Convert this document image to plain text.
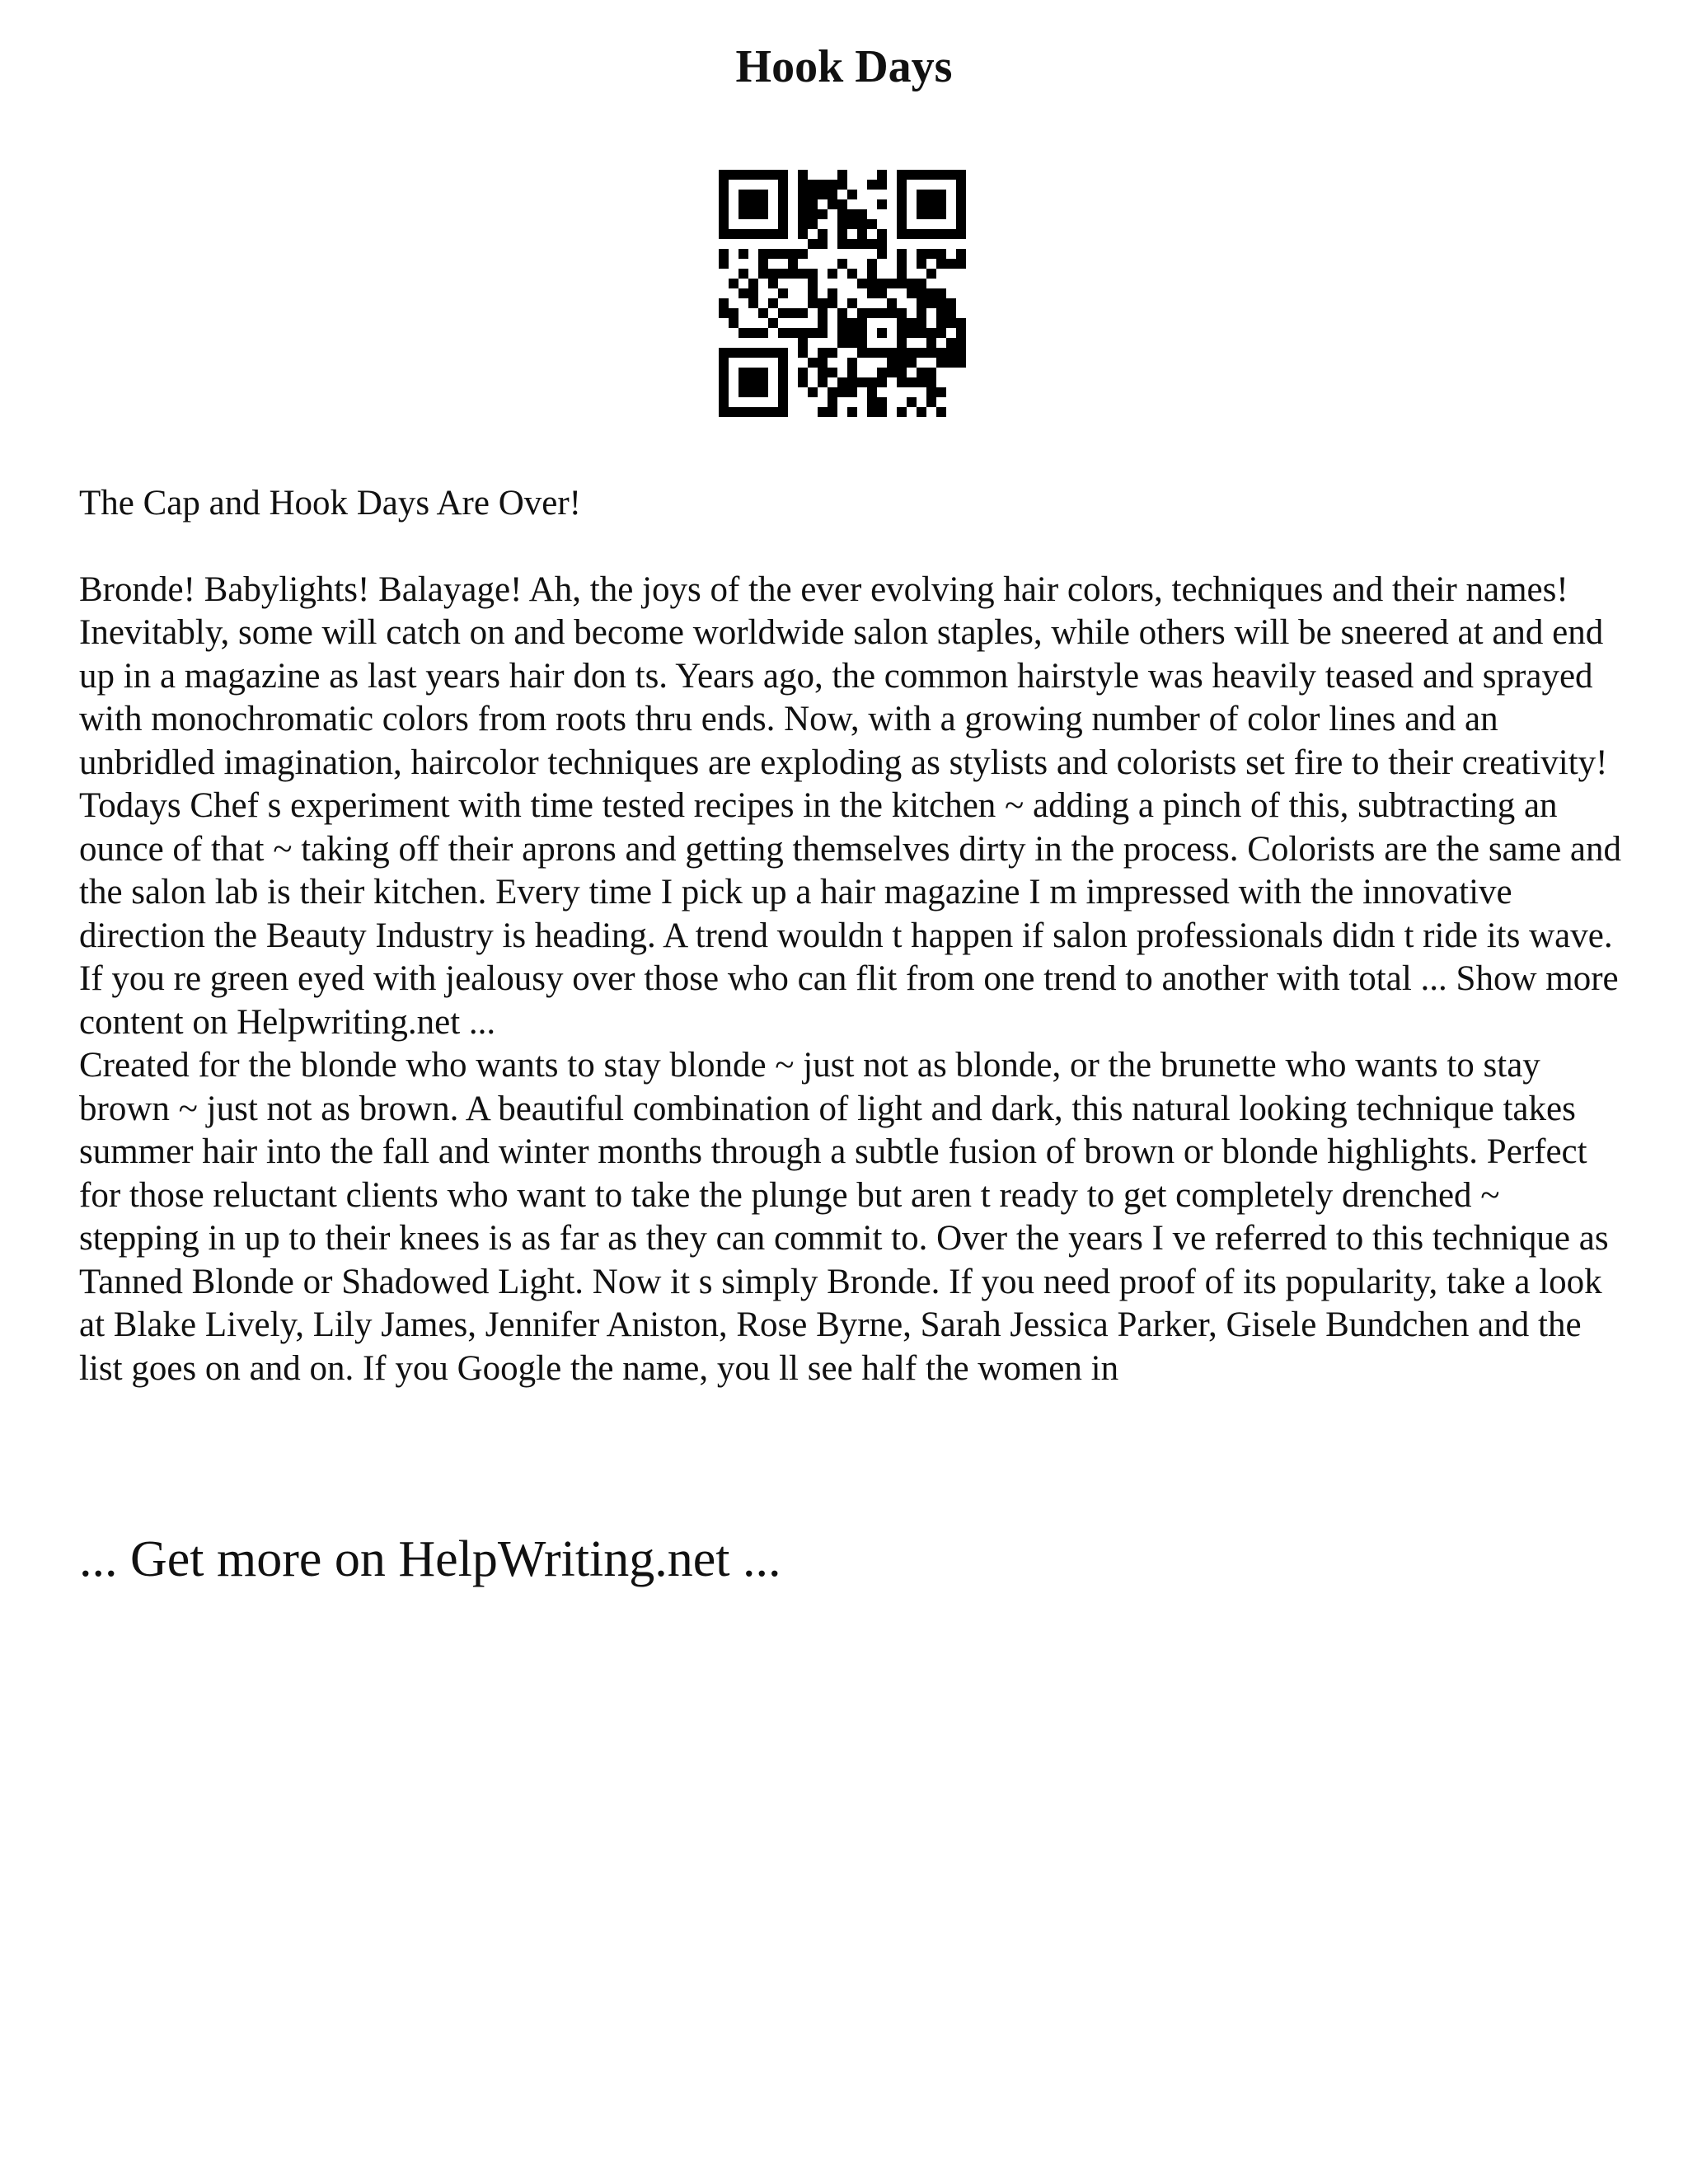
Hook Days

The Cap and Hook Days Are Over!

Bronde! Babylights! Balayage! Ah, the joys of the ever evolving hair colors, techniques and their names! Inevitably, some will catch on and become worldwide salon staples, while others will be sneered at and end up in a magazine as last years hair don ts. Years ago, the common hairstyle was heavily teased and sprayed with monochromatic colors from roots thru ends. Now, with a growing number of color lines and an unbridled imagination, haircolor techniques are exploding as stylists and colorists set fire to their creativity! Todays Chef s experiment with time tested recipes in the kitchen ~ adding a pinch of this, subtracting an ounce of that ~ taking off their aprons and getting themselves dirty in the process. Colorists are the same and the salon lab is their kitchen. Every time I pick up a hair magazine I m impressed with the innovative direction the Beauty Industry is heading. A trend wouldn t happen if salon professionals didn t ride its wave.

If you re green eyed with jealousy over those who can flit from one trend to another with total ... Show more content on Helpwriting.net ...

Created for the blonde who wants to stay blonde ~ just not as blonde, or the brunette who wants to stay brown ~ just not as brown. A beautiful combination of light and dark, this natural looking technique takes summer hair into the fall and winter months through a subtle fusion of brown or blonde highlights. Perfect for those reluctant clients who want to take the plunge but aren t ready to get completely drenched ~ stepping in up to their knees is as far as they can commit to. Over the years I ve referred to this technique as Tanned Blonde or Shadowed Light. Now it s simply Bronde. If you need proof of its popularity, take a look at Blake Lively, Lily James, Jennifer Aniston, Rose Byrne, Sarah Jessica Parker, Gisele Bundchen and the list goes on and on. If you Google the name, you ll see half the women in

... Get more on HelpWriting.net ...
